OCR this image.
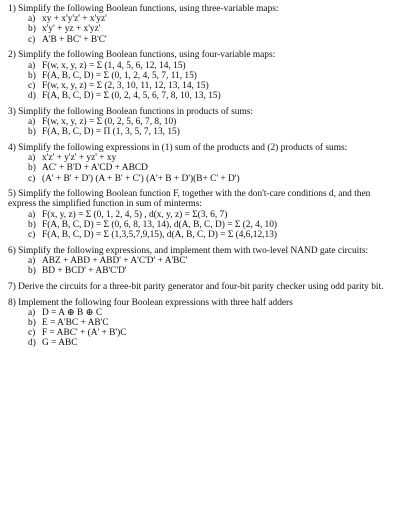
1) Simplify the following Boolean functions, using three-variable maps:
a) xy + x'y'z' + x'yz'
b) x'y' + yz + x'yz'
c) A'B + BC' + B'C'
2) Simplify the following Boolean functions, using four-variable maps:
a) F(w, x, y, z) = Σ (1, 4, 5, 6, 12, 14, 15)
b) F(A, B, C, D) = Σ (0, 1, 2, 4, 5, 7, 11, 15)
c) F(w, x, y, z) = Σ (2, 3, 10, 11, 12, 13, 14, 15)
d) F(A, B, C, D) = Σ (0, 2, 4, 5, 6, 7, 8, 10, 13, 15)
3) Simplify the following Boolean functions in products of sums:
a) F(w, x, y, z) = Σ (0, 2, 5, 6, 7, 8, 10)
b) F(A, B, C, D) = Π (1, 3, 5, 7, 13, 15)
4) Simplify the following expressions in (1) sum of the products and (2) products of sums:
a) x'z' + y'z' + yz' + xy
b) AC' + B'D + A'CD + ABCD
c) (A' + B' + D') (A + B' + C') (A'+ B + D')(B+ C' + D')
5) Simplify the following Boolean function F, together with the don't-care conditions d, and then express the simplified function in sum of minterms:
a) F(x, y, z) = Σ (0, 1, 2, 4, 5) , d(x, y, z) = Σ(3, 6, 7)
b) F(A, B, C, D) = Σ (0, 6, 8, 13, 14), d(A, B, C, D) = Σ (2, 4, 10)
c) F(A, B, C, D) = Σ (1,3,5,7,9,15), d(A, B, C, D) = Σ (4,6,12,13)
6) Simplify the following expressions, and implement them with two-level NAND gate circuits:
a) ABZ + ABD + ABD' + A'C'D' + A'BC'
b) BD + BCD' + AB'C'D'
7) Derive the circuits for a three-bit parity generator and four-bit parity checker using odd parity bit.
8) Implement the following four Boolean expressions with three half adders
a) D = A ⊕ B ⊕ C
b) E = A'BC + AB'C
c) F = ABC' + (A' + B')C
d) G = ABC
